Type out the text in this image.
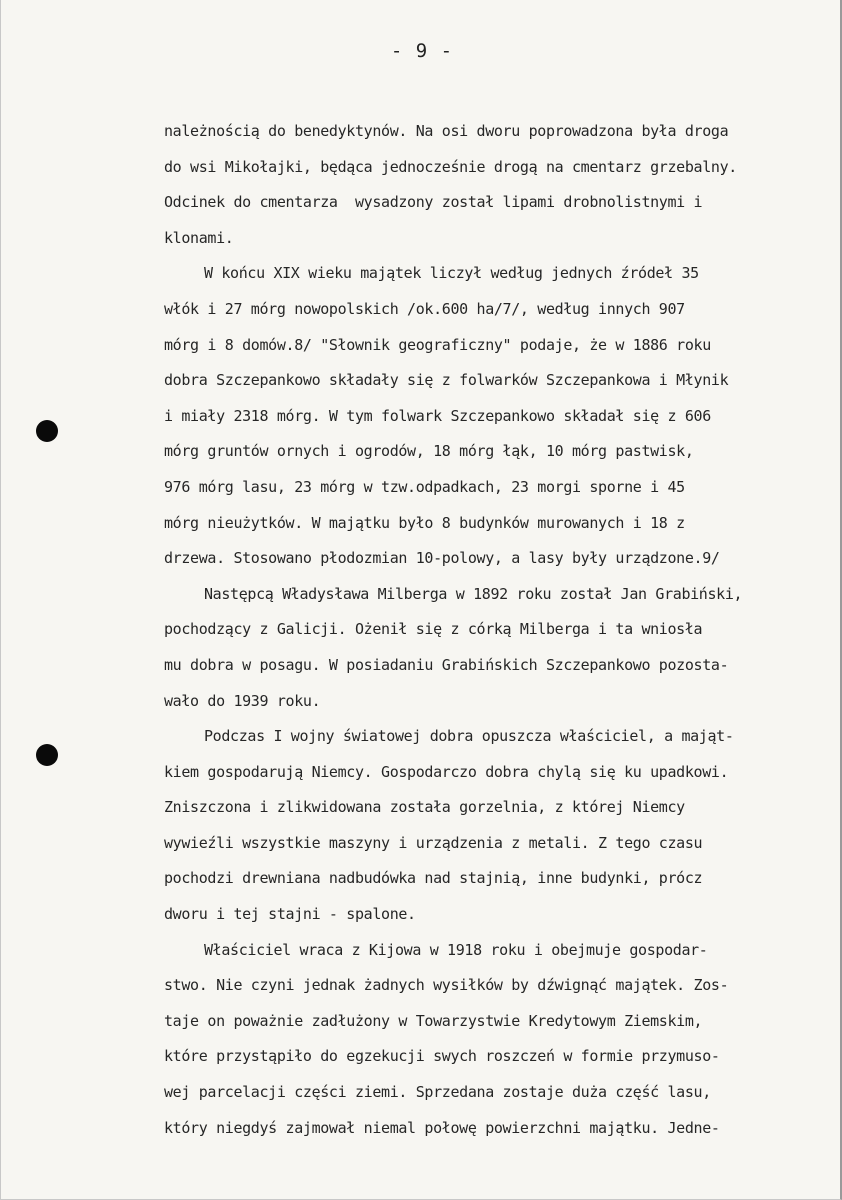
- 9 -
należnością do benedyktynów. Na osi dworu poprowadzona była droga
do wsi Mikołajki, będąca jednocześnie drogą na cmentarz grzebalny.
Odcinek do cmentarza  wysadzony został lipami drobnolistnymi i
klonami.
W końcu XIX wieku majątek liczył według jednych źródeł 35
włók i 27 mórg nowopolskich /ok.600 ha/7/, według innych 907
mórg i 8 domów.8/ "Słownik geograficzny" podaje, że w 1886 roku
dobra Szczepankowo składały się z folwarków Szczepankowa i Młynik
i miały 2318 mórg. W tym folwark Szczepankowo składał się z 606
mórg gruntów ornych i ogrodów, 18 mórg łąk, 10 mórg pastwisk,
976 mórg lasu, 23 mórg w tzw.odpadkach, 23 morgi sporne i 45
mórg nieużytków. W majątku było 8 budynków murowanych i 18 z
drzewa. Stosowano płodozmian 10-polowy, a lasy były urządzone.9/
Następcą Władysława Milberga w 1892 roku został Jan Grabiński,
pochodzący z Galicji. Ożenił się z córką Milberga i ta wniosła
mu dobra w posagu. W posiadaniu Grabińskich Szczepankowo pozosta-
wało do 1939 roku.
Podczas I wojny światowej dobra opuszcza właściciel, a mająt-
kiem gospodarują Niemcy. Gospodarczo dobra chylą się ku upadkowi.
Zniszczona i zlikwidowana została gorzelnia, z której Niemcy
wywieźli wszystkie maszyny i urządzenia z metali. Z tego czasu
pochodzi drewniana nadbudówka nad stajnią, inne budynki, prócz
dworu i tej stajni - spalone.
Właściciel wraca z Kijowa w 1918 roku i obejmuje gospodar-
stwo. Nie czyni jednak żadnych wysiłków by dźwignąć majątek. Zos-
taje on poważnie zadłużony w Towarzystwie Kredytowym Ziemskim,
które przystąpiło do egzekucji swych roszczeń w formie przymuso-
wej parcelacji części ziemi. Sprzedana zostaje duża część lasu,
który niegdyś zajmował niemal połowę powierzchni majątku. Jedne-
